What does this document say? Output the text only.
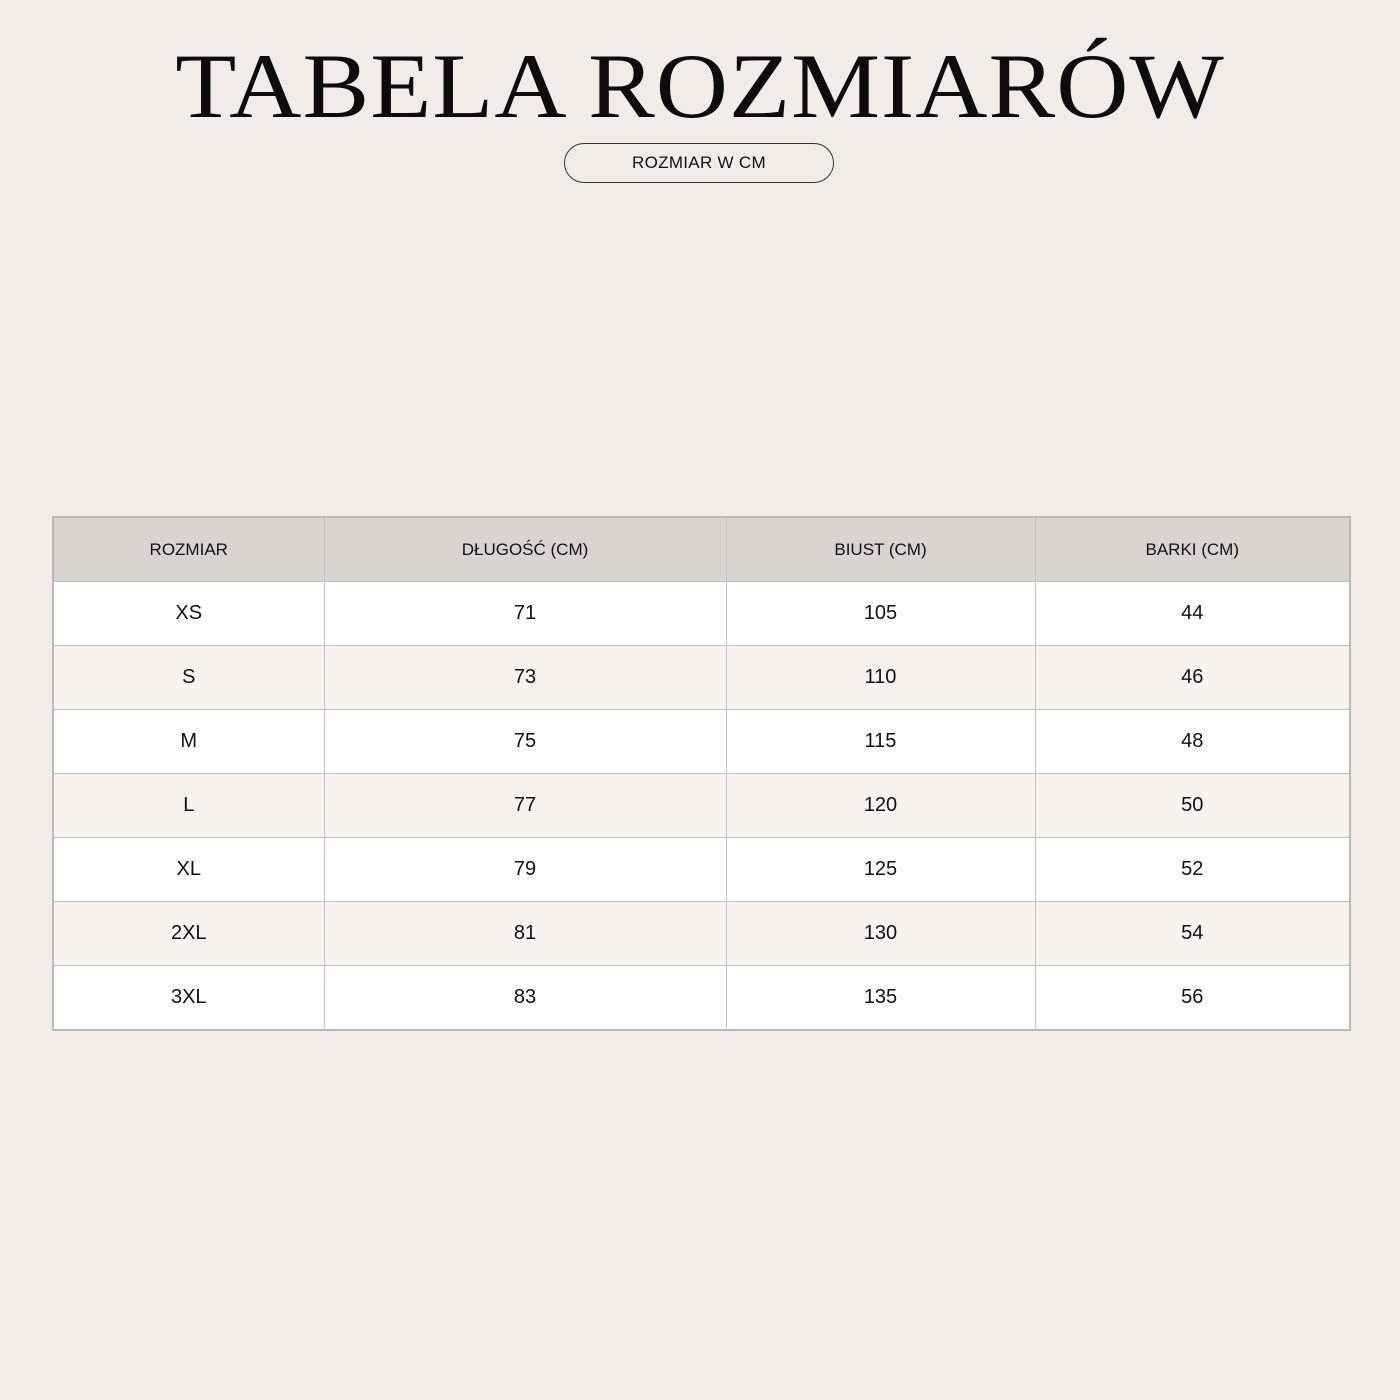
TABELA ROZMIARÓW
ROZMIAR W CM
ROZMIAR	DŁUGOŚĆ (CM)	BIUST (CM)	BARKI (CM)
XS	71	105	44
S	73	110	46
M	75	115	48
L	77	120	50
XL	79	125	52
2XL	81	130	54
3XL	83	135	56
